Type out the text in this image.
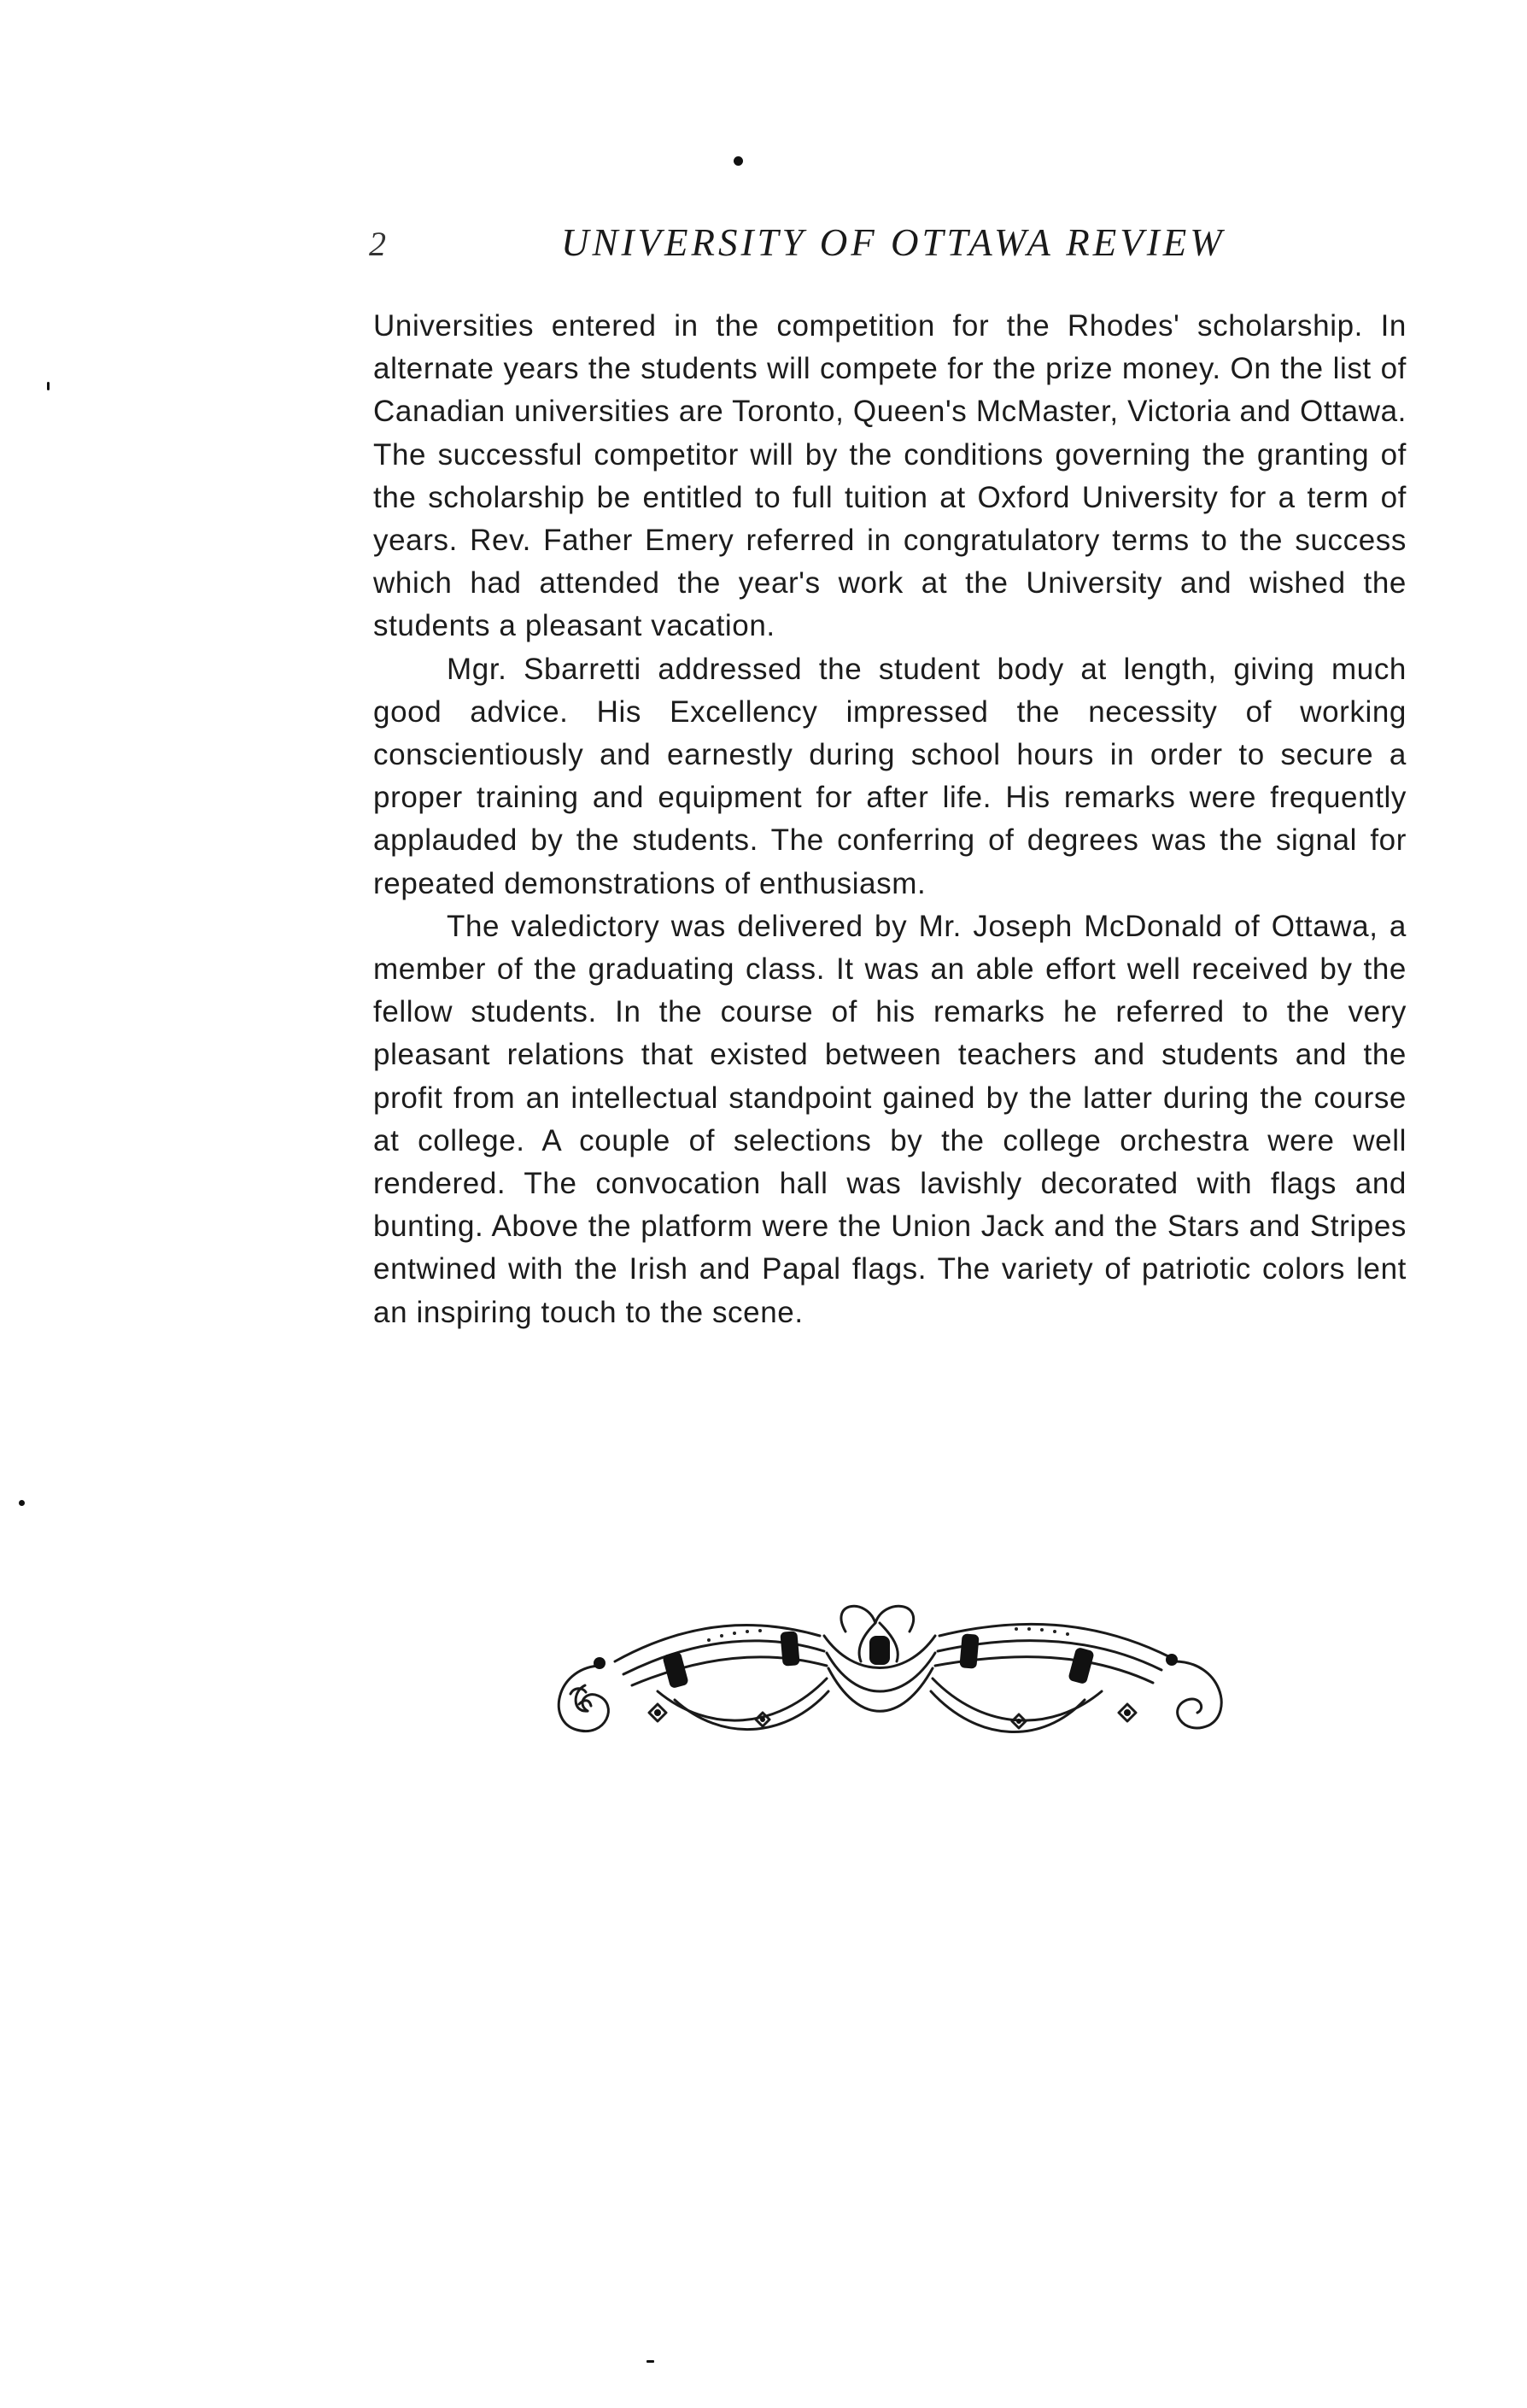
2	UNIVERSITY OF OTTAWA REVIEW

Universities entered in the competition for the Rhodes' scholarship. In alternate years the students will compete for the prize money. On the list of Canadian universities are Toronto, Queen's McMaster, Victoria and Ottawa. The successful competitor will by the conditions governing the granting of the scholarship be entitled to full tuition at Oxford University for a term of years. Rev. Father Emery referred in congratulatory terms to the success which had attended the year's work at the University and wished the students a pleasant vacation.

Mgr. Sbarretti addressed the student body at length, giving much good advice. His Excellency impressed the necessity of working conscientiously and earnestly during school hours in order to secure a proper training and equipment for after life. His remarks were frequently applauded by the students. The conferring of degrees was the signal for repeated demonstrations of enthusiasm.

The valedictory was delivered by Mr. Joseph McDonald of Ottawa, a member of the graduating class. It was an able effort well received by the fellow students. In the course of his remarks he referred to the very pleasant relations that existed between teachers and students and the profit from an intellectual standpoint gained by the latter during the course at college. A couple of selections by the college orchestra were well rendered. The convocation hall was lavishly decorated with flags and bunting. Above the platform were the Union Jack and the Stars and Stripes entwined with the Irish and Papal flags. The variety of patriotic colors lent an inspiring touch to the scene.
